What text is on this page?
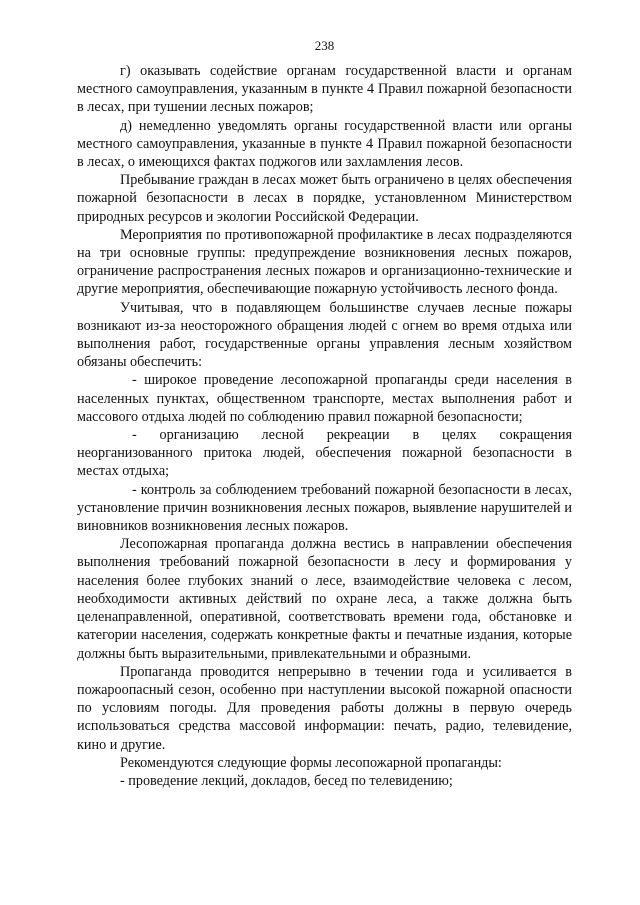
238

г) оказывать содействие органам государственной власти и органам местного самоуправления, указанным в пункте 4 Правил пожарной безопасности в лесах, при тушении лесных пожаров;

д) немедленно уведомлять органы государственной власти или органы местного самоуправления, указанные в пункте 4 Правил пожарной безопасности в лесах, о имеющихся фактах поджогов или захламления лесов.

Пребывание граждан в лесах может быть ограничено в целях обеспечения пожарной безопасности в лесах в порядке, установленном Министерством природных ресурсов и экологии Российской Федерации.

Мероприятия по противопожарной профилактике в лесах подразделяются на три основные группы: предупреждение возникновения лесных пожаров, ограничение распространения лесных пожаров и организационно-технические и другие мероприятия, обеспечивающие пожарную устойчивость лесного фонда.

Учитывая, что в подавляющем большинстве случаев лесные пожары возникают из-за неосторожного обращения людей с огнем во время отдыха или выполнения работ, государственные органы управления лесным хозяйством обязаны обеспечить:

- широкое проведение лесопожарной пропаганды среди населения в населенных пунктах, общественном транспорте, местах выполнения работ и массового отдыха людей по соблюдению правил пожарной безопасности;

- организацию лесной рекреации в целях сокращения неорганизованного притока людей, обеспечения пожарной безопасности в местах отдыха;

- контроль за соблюдением требований пожарной безопасности в лесах, установление причин возникновения лесных пожаров, выявление нарушителей и виновников возникновения лесных пожаров.

Лесопожарная пропаганда должна вестись в направлении обеспечения выполнения требований пожарной безопасности в лесу и формирования у населения более глубоких знаний о лесе, взаимодействие человека с лесом, необходимости активных действий по охране леса, а также должна быть целенаправленной, оперативной, соответствовать времени года, обстановке и категории населения, содержать конкретные факты и печатные издания, которые должны быть выразительными, привлекательными и образными.

Пропаганда проводится непрерывно в течении года и усиливается в пожароопасный сезон, особенно при наступлении высокой пожарной опасности по условиям погоды. Для проведения работы должны в первую очередь использоваться средства массовой информации: печать, радио, телевидение, кино и другие.

Рекомендуются следующие формы лесопожарной пропаганды:

- проведение лекций, докладов, бесед по телевидению;
